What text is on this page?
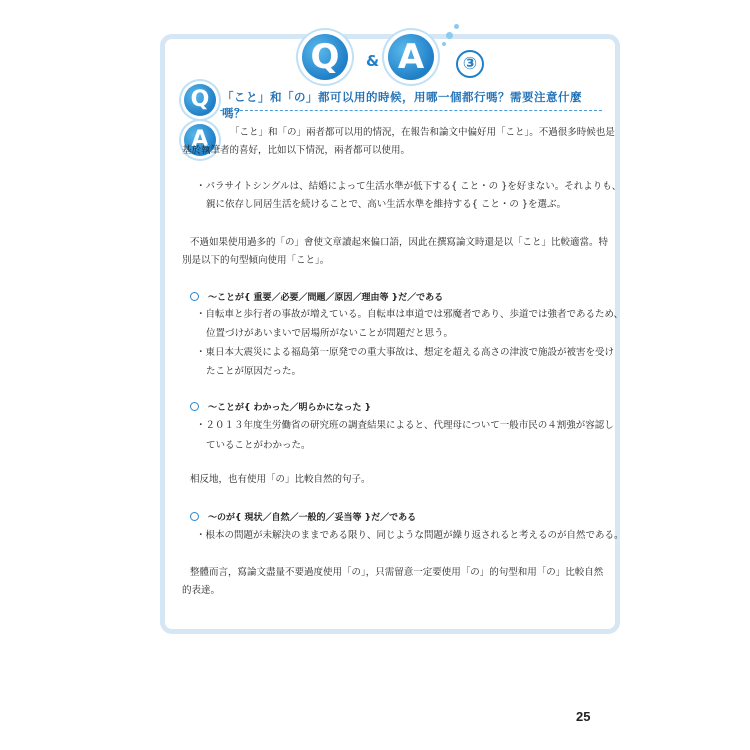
Q	& A	③
Q	「こと」和「の」都可以用的時候，用哪一個都行嗎？需要注意什麼嗎？
A	「こと」和「の」兩者都可以用的情況，在報告和論文中偏好用「こと」。不過很多時候也是
基於執筆者的喜好，比如以下情況，兩者都可以使用。
・パラサイトシングルは、結婚によって生活水準が低下する{ こと・の }を好まない。それよりも、
親に依存し同居生活を続けることで、高い生活水準を維持する{ こと・の }を選ぶ。
不過如果使用過多的「の」會使文章讀起來偏口語，因此在撰寫論文時還是以「こと」比較適當。特
別是以下的句型傾向使用「こと」。
～ことが{ 重要／必要／問題／原因／理由等 }だ／である
・自転車と歩行者の事故が増えている。自転車は車道では邪魔者であり、歩道では強者であるため、
位置づけがあいまいで居場所がないことが問題だと思う。
・東日本大震災による福島第一原発での重大事故は、想定を超える高さの津波で施設が被害を受け
たことが原因だった。
～ことが{ わかった／明らかになった }
・２０１３年度生労働省の研究班の調査結果によると、代理母について一般市民の４割強が容認し
ていることがわかった。
相反地，也有使用「の」比較自然的句子。
～のが{ 現状／自然／一般的／妥当等 }だ／である
・根本の問題が未解決のままである限り、同じような問題が繰り返されると考えるのが自然である。
整體而言，寫論文盡量不要過度使用「の」，只需留意一定要使用「の」的句型和用「の」比較自然
的表達。
25
